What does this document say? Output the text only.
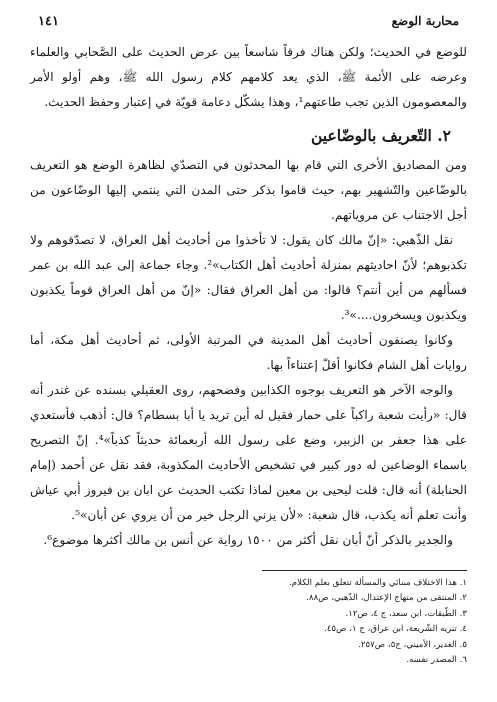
محاربة الوضع
١٤١

للوضع في الحديث؛ ولكن هناك فرقاً شاسعاً بين عرض الحديث على الصَّحابي والعلماء وعرضه على الأئمة ﷺ، الذي يعد كلامهم كلام رسول الله ﷺ، وهم أولو الأمر والمعصومون الذين تجب طاعتهم¹، وهذا يشكّل دعامة قويّة في إعتبار وحفظ الحديث.

٢. التّعريف بالوضّاعين

ومن المصاديق الأخرى التي قام بها المحدثون في التصدّي لظاهرة الوضع هو التعريف بالوضّاعين والتّشهير بهم، حيث قاموا بذكر حتى المدن التي ينتمي إليها الوضّاعون من أجل الاجتناب عن مروياتهم.

نقل الذّهبي: «إنّ مالك كان يقول: لا تأخذوا من أحاديث أهل العراق، لا تصدّقوهم ولا تكذبوهم؛ لأنّ احاديثهم بمنزلة أحاديث أهل الكتاب»². وجاء جماعة إلى عبد الله بن عمر فسألهم من أين أنتم؟ قالوا: من أهل العراق فقال: «إنّ من أهل العراق قوماً يكذبون ويكذبون ويسخرون....»³.

وكانوا يصنفون أحاديث أهل المدينة في المرتبة الأولى، ثم أحاديث أهل مكة، أما روايات أهل الشام فكانوا أقلّ إعتناءاً بها.

والوجه الآخر هو التعريف بوجوه الكذابين وفضحهم، روى العقيلي بسنده عن غندر أنه قال: «رأيت شعبة راكباً على حمار فقيل له أين تريد يا أبا بسطام؟ قال: أذهب فأستعدي على هذا جعفر بن الزبير، وضع على رسول الله أربعمائة حديثاً كذباً»⁴. إنّ التصريح باسماء الوضاعين له دور كبير في تشخيص الأحاديث المكذوبة، فقد نقل عن أحمد (إمام الحنابلة) أنه قال: قلت ليحيى بن معين لماذا تكتب الحديث عن ابان بن فيروز أبي عياش وأنت تعلم أنه يكذب، قال شعبة: «لأن يزني الرجل خير من أن يروي عن أبان»⁵.

والجدير بالذكر أنّ أبان نقل أكثر من ١٥٠٠ رواية عن أنس بن مالك أكثرها موضوع⁶.

١. هذا الاختلاف مبنائي والمسألة تتعلق بعلم الكلام.
٢. المنتقى من منهاج الإعتدال، الذّهبي، ص٨٨.
٣. الطّبقات، ابن سعد، ج ٤، ص١٢.
٤. تنزيه الشّريعة، ابن عراق، ج ١، ص٤٥.
٥. الغدير، الأميني، ج٥، ص٢٥٧.
٦. المصدر نفسه.
